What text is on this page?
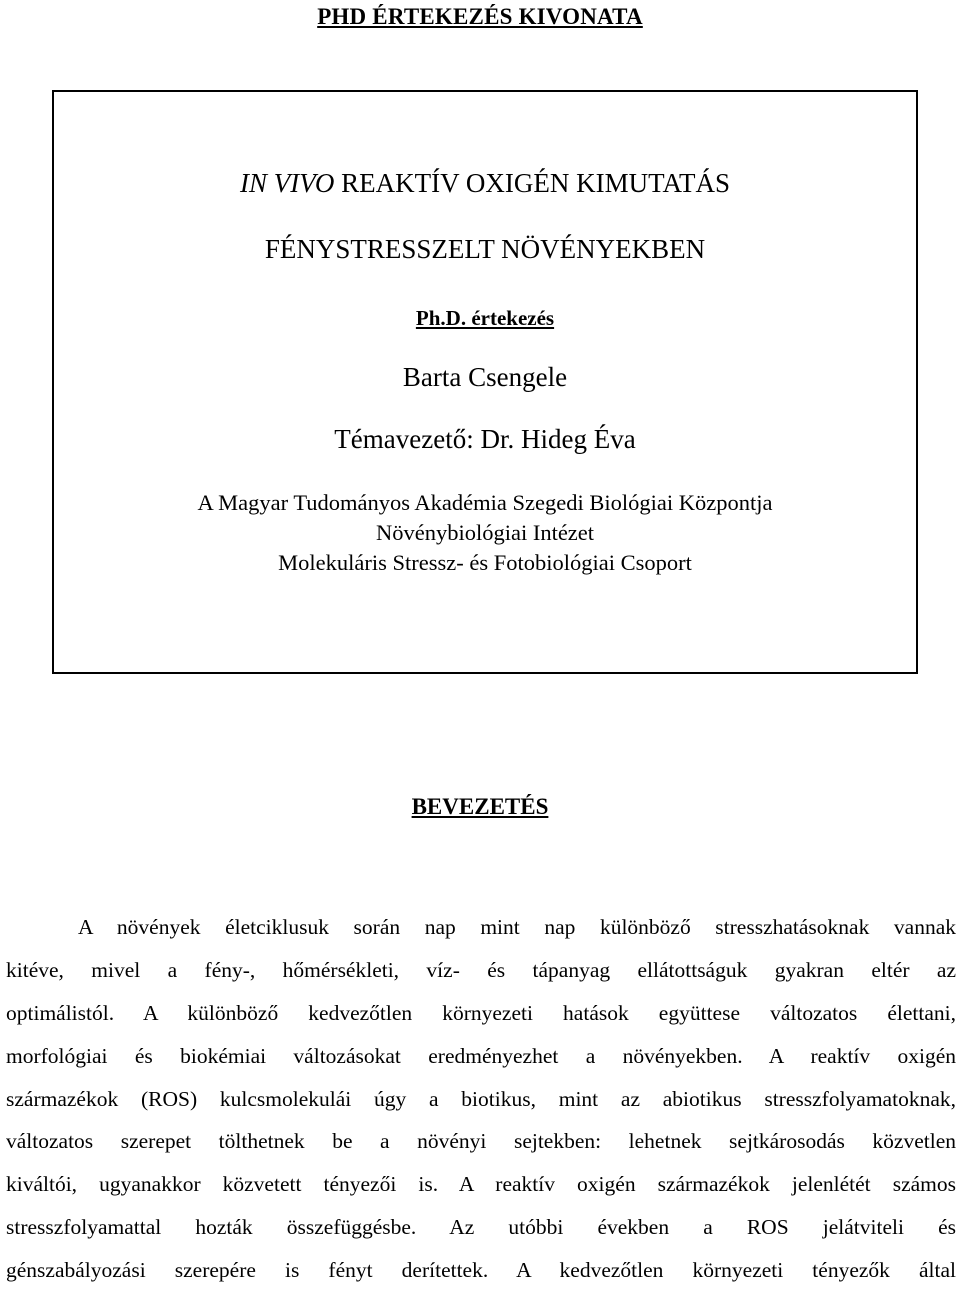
PHD ÉRTEKEZÉS KIVONATA
IN VIVO REAKTÍV OXIGÉN KIMUTATÁS
FÉNYSTRESSZELT NÖVÉNYEKBEN
Ph.D. értekezés
Barta Csengele
Témavezető: Dr. Hideg Éva
A Magyar Tudományos Akadémia Szegedi Biológiai Központja
Növénybiológiai Intézet
Molekuláris Stressz- és Fotobiológiai Csoport
BEVEZETÉS
A növények életciklusuk során nap mint nap különböző stresszhatásoknak vannak
kitéve, mivel a fény-, hőmérsékleti, víz- és tápanyag ellátottságuk gyakran eltér az
optimálistól. A különböző kedvezőtlen környezeti hatások együttese változatos élettani,
morfológiai és biokémiai változásokat eredményezhet a növényekben. A reaktív oxigén
származékok (ROS) kulcsmolekulái úgy a biotikus, mint az abiotikus stresszfolyamatoknak,
változatos szerepet tölthetnek be a növényi sejtekben: lehetnek sejtkárosodás közvetlen
kiváltói, ugyanakkor közvetett tényezői is. A reaktív oxigén származékok jelenlétét számos
stresszfolyamattal hozták összefüggésbe. Az utóbbi években a ROS jelátviteli és
génszabályozási szerepére is fényt derítettek. A kedvezőtlen környezeti tényezők által
